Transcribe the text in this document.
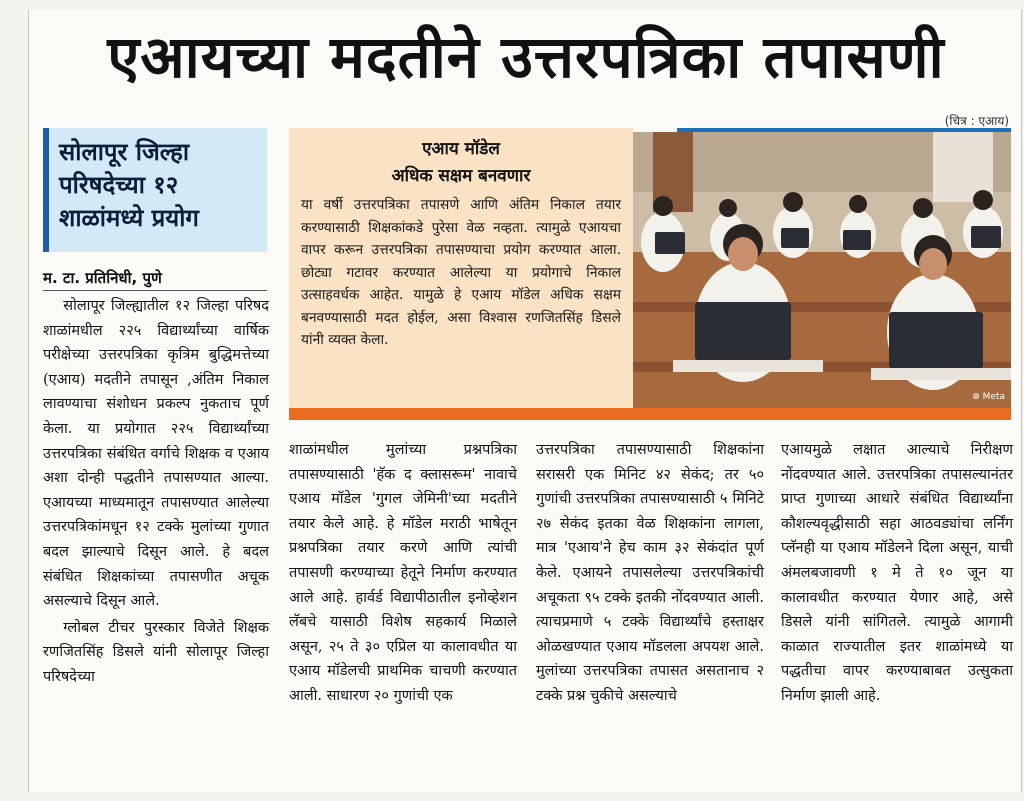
एआयच्या मदतीने उत्तरपत्रिका तपासणी
(चित्र : एआय)

सोलापूर जिल्हा

परिषदेच्या १२

शाळांमध्ये प्रयोग

म. टा. प्रतिनिधी, पुणे

सोलापूर जिल्ह्यातील १२ जिल्हा परिषद शाळांमधील २२५ विद्यार्थ्यांच्या वार्षिक परीक्षेच्या उत्तरपत्रिका कृत्रिम बुद्धिमत्तेच्या (एआय) मदतीने तपासून ,अंतिम निकाल लावण्याचा संशोधन प्रकल्प नुकताच पूर्ण केला. या प्रयोगात २२५ विद्यार्थ्यांच्या उत्तरपत्रिका संबंधित वर्गाचे शिक्षक व एआय अशा दोन्ही पद्धतीने तपासण्यात आल्या. एआयच्या माध्यमातून तपासण्यात आलेल्या उत्तरपत्रिकांमधून १२ टक्के मुलांच्या गुणात बदल झाल्याचे दिसून आले. हे बदल संबंधित शिक्षकांच्या तपासणीत अचूक असल्याचे दिसून आले.

ग्लोबल टीचर पुरस्कार विजेते शिक्षक रणजितसिंह डिसले यांनी सोलापूर जिल्हा परिषदेच्या

एआय मॉडेल
अधिक सक्षम बनवणार

या वर्षी उत्तरपत्रिका तपासणे आणि अंतिम निकाल तयार करण्यासाठी शिक्षकांकडे पुरेसा वेळ नव्हता. त्यामुळे एआयचा वापर करून उत्तरपत्रिका तपासण्याचा प्रयोग करण्यात आला. छोट्या गटावर करण्यात आलेल्या या प्रयोगाचे निकाल उत्साहवर्धक आहेत. यामुळे हे एआय मॉडेल अधिक सक्षम बनवण्यासाठी मदत होईल, असा विश्वास रणजितसिंह डिसले यांनी व्यक्त केला.

⊗ Meta

शाळांमधील मुलांच्या प्रश्नपत्रिका तपासण्यासाठी 'हॅक द क्लासरूम' नावाचे एआय मॉडेल 'गुगल जेमिनी'च्या मदतीने तयार केले आहे. हे मॉडेल मराठी भाषेतून प्रश्नपत्रिका तयार करणे आणि त्यांची तपासणी करण्याच्या हेतूने निर्माण करण्यात आले आहे. हार्वर्ड विद्यापीठातील इनोव्हेशन लॅबचे यासाठी विशेष सहकार्य मिळाले असून, २५ ते ३० एप्रिल या कालावधीत या एआय मॉडेलची प्राथमिक चाचणी करण्यात आली. साधारण २० गुणांची एक

उत्तरपत्रिका तपासण्यासाठी शिक्षकांना सरासरी एक मिनिट ४२ सेकंद; तर ५० गुणांची उत्तरपत्रिका तपासण्यासाठी ५ मिनिटे २७ सेकंद इतका वेळ शिक्षकांना लागला, मात्र 'एआय'ने हेच काम ३२ सेकंदांत पूर्ण केले. एआयने तपासलेल्या उत्तरपत्रिकांची अचूकता ९५ टक्के इतकी नोंदवण्यात आली. त्याचप्रमाणे ५ टक्के विद्यार्थ्यांचे हस्ताक्षर ओळखण्यात एआय मॉडलला अपयश आले. मुलांच्या उत्तरपत्रिका तपासत असतानाच २ टक्के प्रश्न चुकीचे असल्याचे

एआयमुळे लक्षात आल्याचे निरीक्षण नोंदवण्यात आले. उत्तरपत्रिका तपासल्यानंतर प्राप्त गुणाच्या आधारे संबंधित विद्यार्थ्यांना कौशल्यवृद्धीसाठी सहा आठवड्यांचा लर्निंग प्लॅनही या एआय मॉडेलने दिला असून, याची अंमलबजावणी १ मे ते १० जून या कालावधीत करण्यात येणार आहे, असे डिसले यांनी सांगितले. त्यामुळे आगामी काळात राज्यातील इतर शाळांमध्ये या पद्धतीचा वापर करण्याबाबत उत्सुकता निर्माण झाली आहे.
